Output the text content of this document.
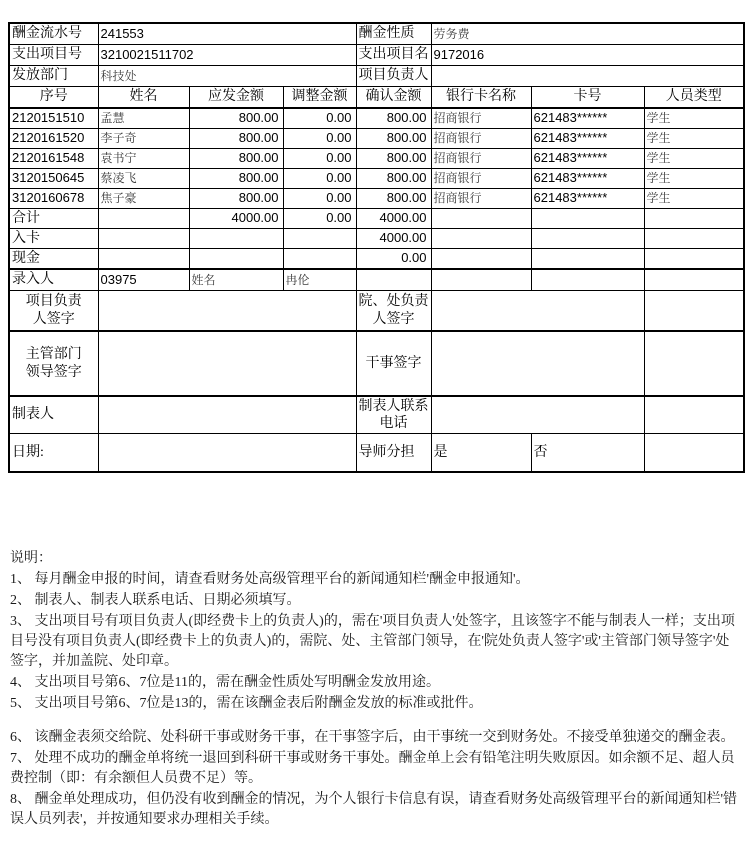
酬金流水号	241553			酬金性质	劳务费		
支出项目号	3210021511702			支出项目名	9172016		
发放部门	科技处			项目负责人			
序号	姓名	应发金额	调整金额	确认金额	银行卡名称	卡号	人员类型
2120151510	孟慧	800.00	0.00	800.00	招商银行	621483******	学生
2120161520	李子奇	800.00	0.00	800.00	招商银行	621483******	学生
2120161548	袁书宁	800.00	0.00	800.00	招商银行	621483******	学生
3120150645	蔡凌飞	800.00	0.00	800.00	招商银行	621483******	学生
3120160678	焦子豪	800.00	0.00	800.00	招商银行	621483******	学生
合计		4000.00	0.00	4000.00			
入卡				4000.00			
现金				0.00			
录入人	03975	姓名	冉伦				
项目负责人签字				院、处负责人签字			
主管部门领导签字				干事签字			
制表人				制表人联系电话			
日期:				导师分担	是	否	

说明：

1、 每月酬金申报的时间，请查看财务处高级管理平台的新闻通知栏'酬金申报通知'。

2、 制表人、制表人联系电话、日期必须填写。

3、 支出项目号有项目负责人(即经费卡上的负责人)的，需在'项目负责人'处签字，且该签字不能与制表人一样；支出项目号没有项目负责人(即经费卡上的负责人)的，需院、处、主管部门领导，在'院处负责人签字'或'主管部门领导签字'处签字，并加盖院、处印章。

4、 支出项目号第6、7位是11的，需在酬金性质处写明酬金发放用途。

5、 支出项目号第6、7位是13的，需在该酬金表后附酬金发放的标准或批件。

6、 该酬金表须交给院、处科研干事或财务干事，在干事签字后，由干事统一交到财务处。不接受单独递交的酬金表。

7、 处理不成功的酬金单将统一退回到科研干事或财务干事处。酬金单上会有铅笔注明失败原因。如余额不足、超人员费控制（即：有余额但人员费不足）等。

8、 酬金单处理成功，但仍没有收到酬金的情况，为个人银行卡信息有误，请查看财务处高级管理平台的新闻通知栏'错误人员列表'，并按通知要求办理相关手续。
